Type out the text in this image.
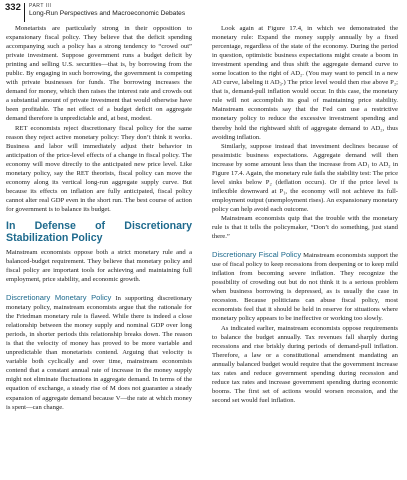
332 PART III
Long-Run Perspectives and Macroeconomic Debates

Monetarists are particularly strong in their opposition to expansionary fiscal policy. They believe that the deficit spending accompanying such a policy has a strong tendency to “crowd out” private investment. Suppose government runs a budget deficit by printing and selling U.S. securities—that is, by borrowing from the public. By engaging in such borrowing, the government is competing with private businesses for funds. The borrowing increases the demand for money, which then raises the interest rate and crowds out a substantial amount of private investment that would otherwise have been profitable. The net effect of a budget deficit on aggregate demand therefore is unpredictable and, at best, modest.

RET economists reject discretionary fiscal policy for the same reason they reject active monetary policy: They don’t think it works. Business and labor will immediately adjust their behavior in anticipation of the price-level effects of a change in fiscal policy. The economy will move directly to the anticipated new price level. Like monetary policy, say the RET theorists, fiscal policy can move the economy along its vertical long-run aggregate supply curve. But because its effects on inflation are fully anticipated, fiscal policy cannot alter real GDP even in the short run. The best course of action for government is to balance its budget.

In Defense of Discretionary Stabilization Policy

Mainstream economists oppose both a strict monetary rule and a balanced-budget requirement. They believe that monetary policy and fiscal policy are important tools for achieving and maintaining full employment, price stability, and economic growth.

Discretionary Monetary Policy In supporting discretionary monetary policy, mainstream economists argue that the rationale for the Friedman monetary rule is flawed. While there is indeed a close relationship between the money supply and nominal GDP over long periods, in shorter periods this relationship breaks down. The reason is that the velocity of money has proved to be more variable and unpredictable than monetarists contend. Arguing that velocity is variable both cyclically and over time, mainstream economists contend that a constant annual rate of increase in the money supply might not eliminate fluctuations in aggregate demand. In terms of the equation of exchange, a steady rise of M does not guarantee a steady expansion of aggregate demand because V—the rate at which money is spent—can change.

Look again at Figure 17.4, in which we demonstrated the monetary rule: Expand the money supply annually by a fixed percentage, regardless of the state of the economy. During the period in question, optimistic business expectations might create a boom in investment spending and thus shift the aggregate demand curve to some location to the right of AD₂. (You may want to pencil in a new AD curve, labeling it AD₃.) The price level would then rise above P₂; that is, demand-pull inflation would occur. In this case, the monetary rule will not accomplish its goal of maintaining price stability. Mainstream economists say that the Fed can use a restrictive monetary policy to reduce the excessive investment spending and thereby hold the rightward shift of aggregate demand to AD₂, thus avoiding inflation.

Similarly, suppose instead that investment declines because of pessimistic business expectations. Aggregate demand will then increase by some amount less than the increase from AD₁ to AD₂ in Figure 17.4. Again, the monetary rule fails the stability test: The price level sinks below P₂ (deflation occurs). Or if the price level is inflexible downward at P₁, the economy will not achieve its full-employment output (unemployment rises). An expansionary monetary policy can help avoid each outcome.

Mainstream economists quip that the trouble with the monetary rule is that it tells the policymaker, “Don’t do something, just stand there.”

Discretionary Fiscal Policy Mainstream economists support the use of fiscal policy to keep recessions from deepening or to keep mild inflation from becoming severe inflation. They recognize the possibility of crowding out but do not think it is a serious problem when business borrowing is depressed, as is usually the case in recession. Because politicians can abuse fiscal policy, most economists feel that it should be held in reserve for situations where monetary policy appears to be ineffective or working too slowly.

As indicated earlier, mainstream economists oppose requirements to balance the budget annually. Tax revenues fall sharply during recessions and rise briskly during periods of demand-pull inflation. Therefore, a law or a constitutional amendment mandating an annually balanced budget would require that the government increase tax rates and reduce government spending during recession and reduce tax rates and increase government spending during economic booms. The first set of actions would worsen recession, and the second set would fuel inflation.
